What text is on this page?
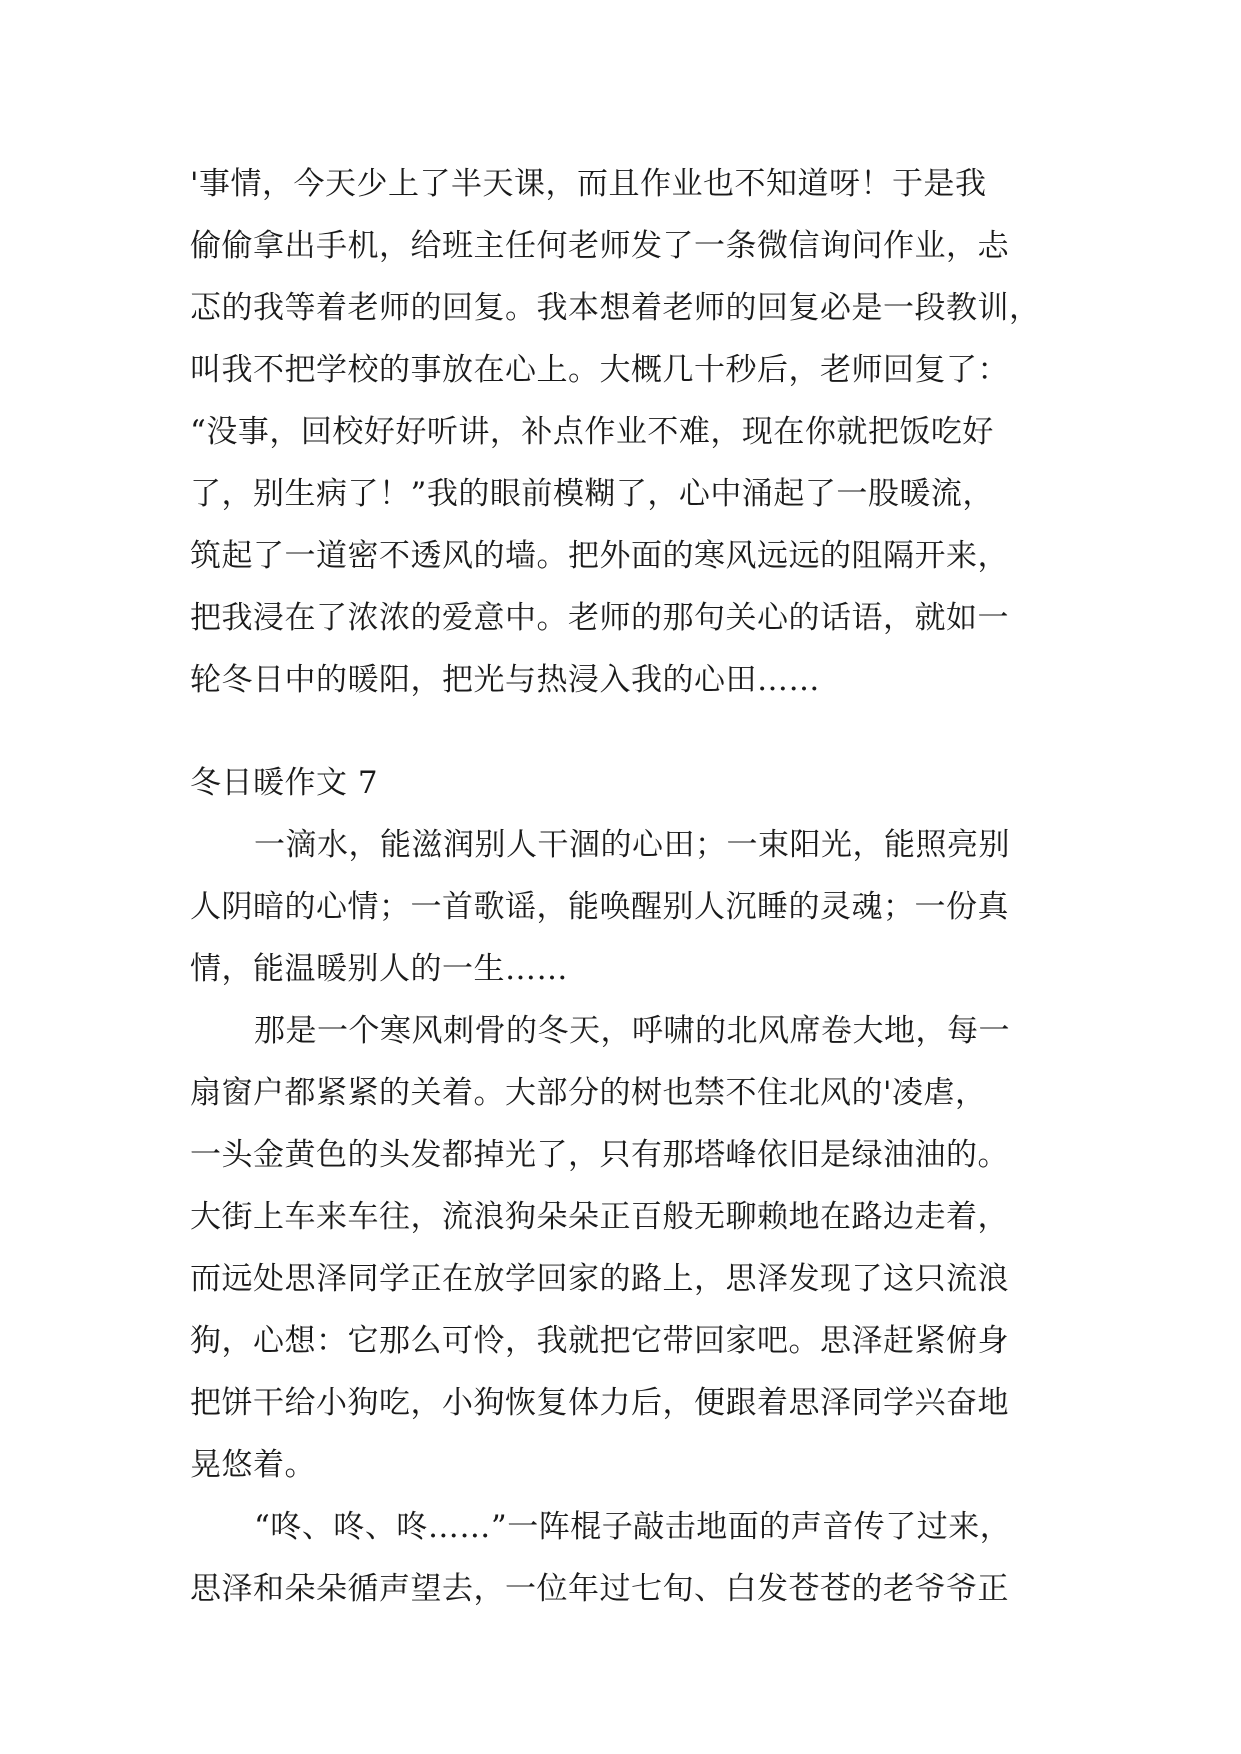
'事情，今天少上了半天课，而且作业也不知道呀！于是我
偷偷拿出手机，给班主任何老师发了一条微信询问作业，忐
忑的我等着老师的回复。我本想着老师的回复必是一段教训，
叫我不把学校的事放在心上。大概几十秒后，老师回复了：
“没事，回校好好听讲，补点作业不难，现在你就把饭吃好
了，别生病了！”我的眼前模糊了，心中涌起了一股暖流，
筑起了一道密不透风的墙。把外面的寒风远远的阻隔开来，
把我浸在了浓浓的爱意中。老师的那句关心的话语，就如一
轮冬日中的暖阳，把光与热浸入我的心田……
冬日暖作文 7
一滴水，能滋润别人干涸的心田；一束阳光，能照亮别
人阴暗的心情；一首歌谣，能唤醒别人沉睡的灵魂；一份真
情，能温暖别人的一生……
那是一个寒风刺骨的冬天，呼啸的北风席卷大地，每一
扇窗户都紧紧的关着。大部分的树也禁不住北风的'凌虐，
一头金黄色的头发都掉光了，只有那塔峰依旧是绿油油的。
大街上车来车往，流浪狗朵朵正百般无聊赖地在路边走着，
而远处思泽同学正在放学回家的路上，思泽发现了这只流浪
狗，心想：它那么可怜，我就把它带回家吧。思泽赶紧俯身
把饼干给小狗吃，小狗恢复体力后，便跟着思泽同学兴奋地
晃悠着。
“咚、咚、咚……”一阵棍子敲击地面的声音传了过来，
思泽和朵朵循声望去，一位年过七旬、白发苍苍的老爷爷正
